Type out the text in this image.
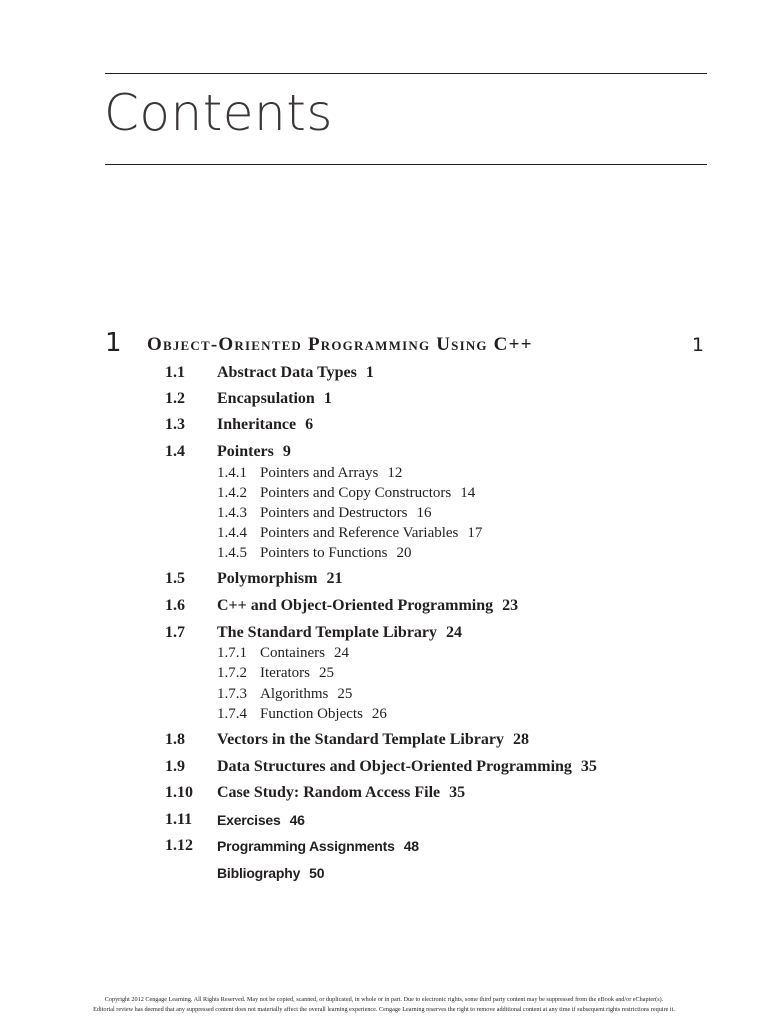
Contents
1 Object-Oriented Programming Using C++	1
1.1 Abstract Data Types 1
1.2 Encapsulation 1
1.3 Inheritance 6
1.4 Pointers 9
1.4.1 Pointers and Arrays 12
1.4.2 Pointers and Copy Constructors 14
1.4.3 Pointers and Destructors 16
1.4.4 Pointers and Reference Variables 17
1.4.5 Pointers to Functions 20
1.5 Polymorphism 21
1.6 C++ and Object-Oriented Programming 23
1.7 The Standard Template Library 24
1.7.1 Containers 24
1.7.2 Iterators 25
1.7.3 Algorithms 25
1.7.4 Function Objects 26
1.8 Vectors in the Standard Template Library 28
1.9 Data Structures and Object-Oriented Programming 35
1.10 Case Study: Random Access File 35
1.11 Exercises 46
1.12 Programming Assignments 48
Bibliography 50
Copyright 2012 Cengage Learning. All Rights Reserved. May not be copied, scanned, or duplicated, in whole or in part. Due to electronic rights, some third party content may be suppressed from the eBook and/or eChapter(s).
Editorial review has deemed that any suppressed content does not materially affect the overall learning experience. Cengage Learning reserves the right to remove additional content at any time if subsequent rights restrictions require it.
